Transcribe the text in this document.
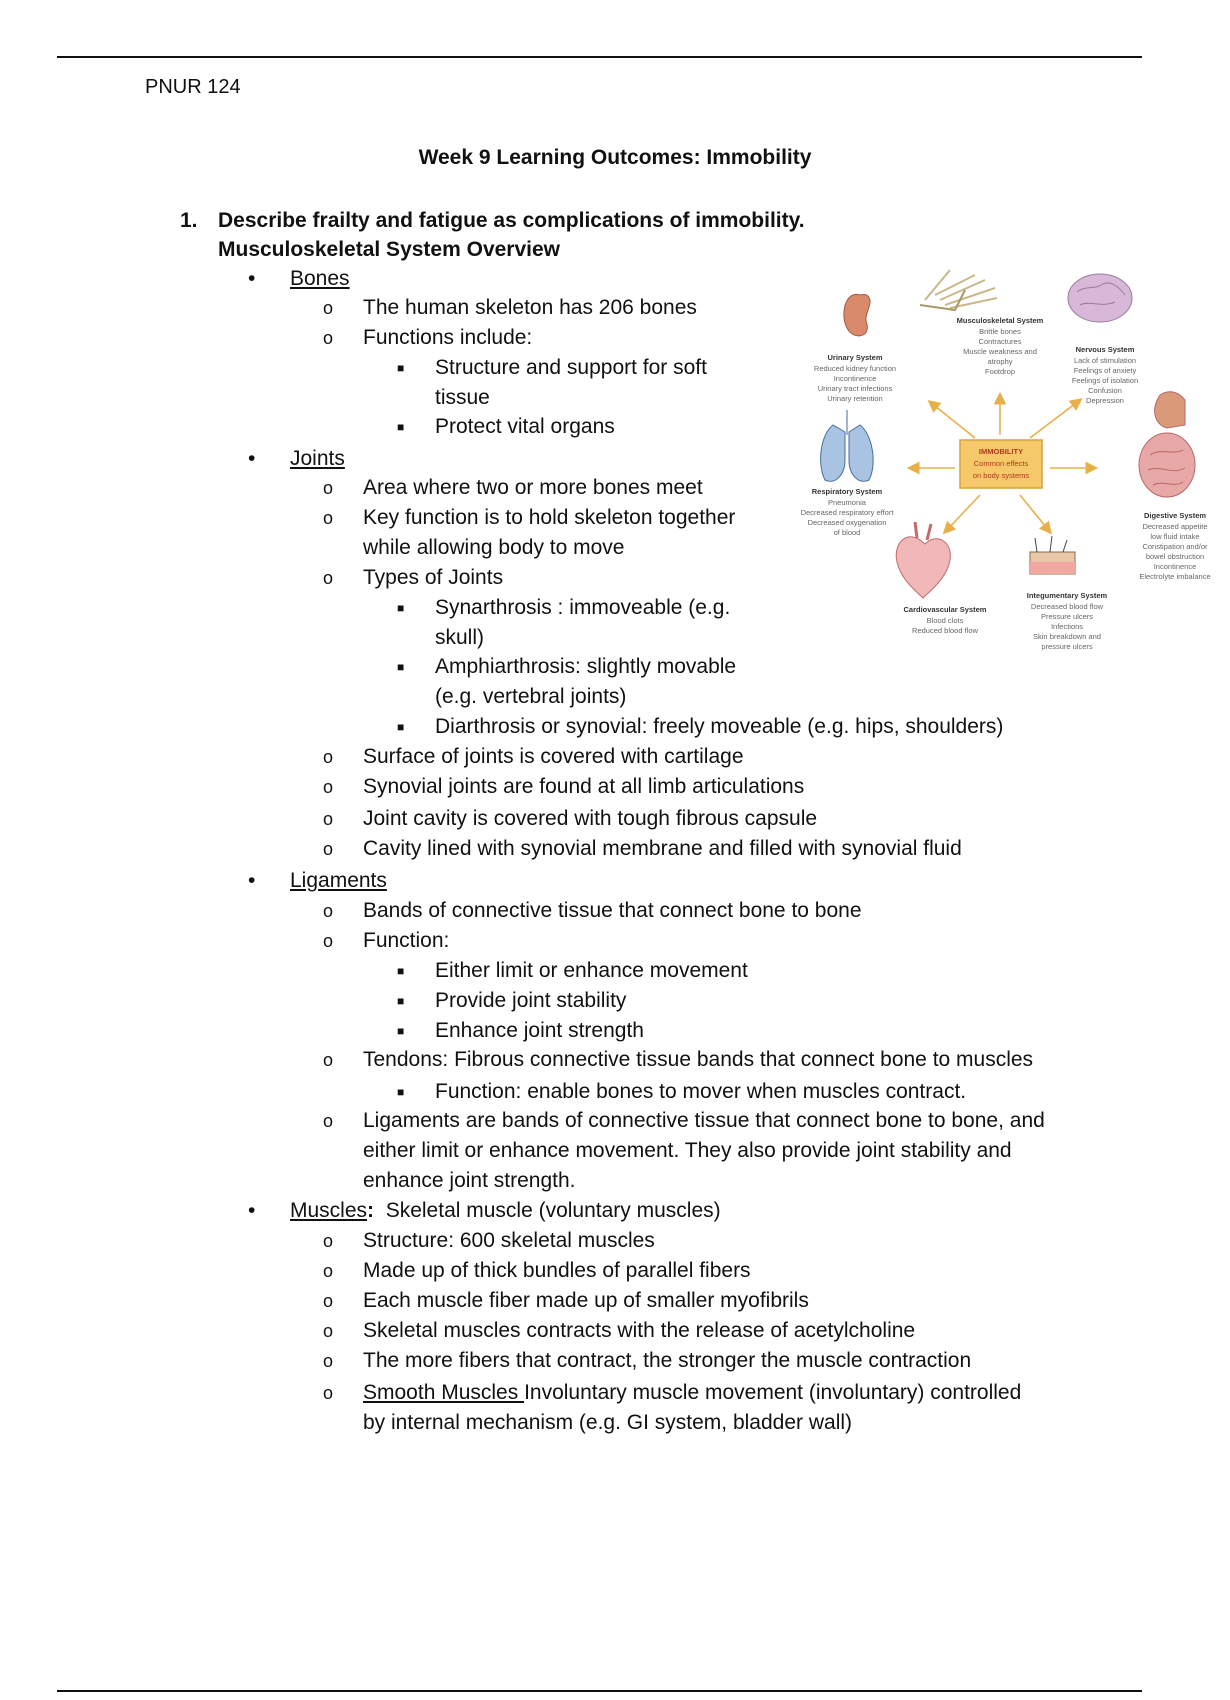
PNUR 124
Week 9 Learning Outcomes: Immobility
1. Describe frailty and fatigue as complications of immobility.
Musculoskeletal System Overview
• Bones
o The human skeleton has 206 bones
o Functions include:
■ Structure and support for soft
tissue
■ Protect vital organs
• Joints
o Area where two or more bones meet
o Key function is to hold skeleton together
while allowing body to move
o Types of Joints
■ Synarthrosis : immoveable (e.g.
skull)
■ Amphiarthrosis: slightly movable
(e.g. vertebral joints)
■ Diarthrosis or synovial: freely moveable (e.g. hips, shoulders)
o Surface of joints is covered with cartilage
o Synovial joints are found at all limb articulations
o Joint cavity is covered with tough fibrous capsule
o Cavity lined with synovial membrane and filled with synovial fluid
• Ligaments
o Bands of connective tissue that connect bone to bone
o Function:
■ Either limit or enhance movement
■ Provide joint stability
■ Enhance joint strength
o Tendons: Fibrous connective tissue bands that connect bone to muscles
■ Function: enable bones to mover when muscles contract.
o Ligaments are bands of connective tissue that connect bone to bone, and
either limit or enhance movement. They also provide joint stability and
enhance joint strength.
• Muscles:  Skeletal muscle (voluntary muscles)
o Structure: 600 skeletal muscles
o Made up of thick bundles of parallel fibers
o Each muscle fiber made up of smaller myofibrils
o Skeletal muscles contracts with the release of acetylcholine
o The more fibers that contract, the stronger the muscle contraction
o Smooth Muscles Involuntary muscle movement (involuntary) controlled
by internal mechanism (e.g. GI system, bladder wall)
IMMOBILITY
Common effects
on body systems
Musculoskeletal System
Brittle bones
Contractures
Muscle weakness and
atrophy
Footdrop
Urinary System
Reduced kidney function
Incontinence
Urinary tract infections
Urinary retention
Nervous System
Lack of stimulation
Feelings of anxiety
Feelings of isolation
Confusion
Depression
Respiratory System
Pneumonia
Decreased respiratory effort
Decreased oxygenation
of blood
Digestive System
Decreased appetite
low fluid intake
Constipation and/or
bowel obstruction
Incontinence
Electrolyte imbalance
Cardiovascular System
Blood clots
Reduced blood flow
Integumentary System
Decreased blood flow
Pressure ulcers
Infections
Skin breakdown and
pressure ulcers
